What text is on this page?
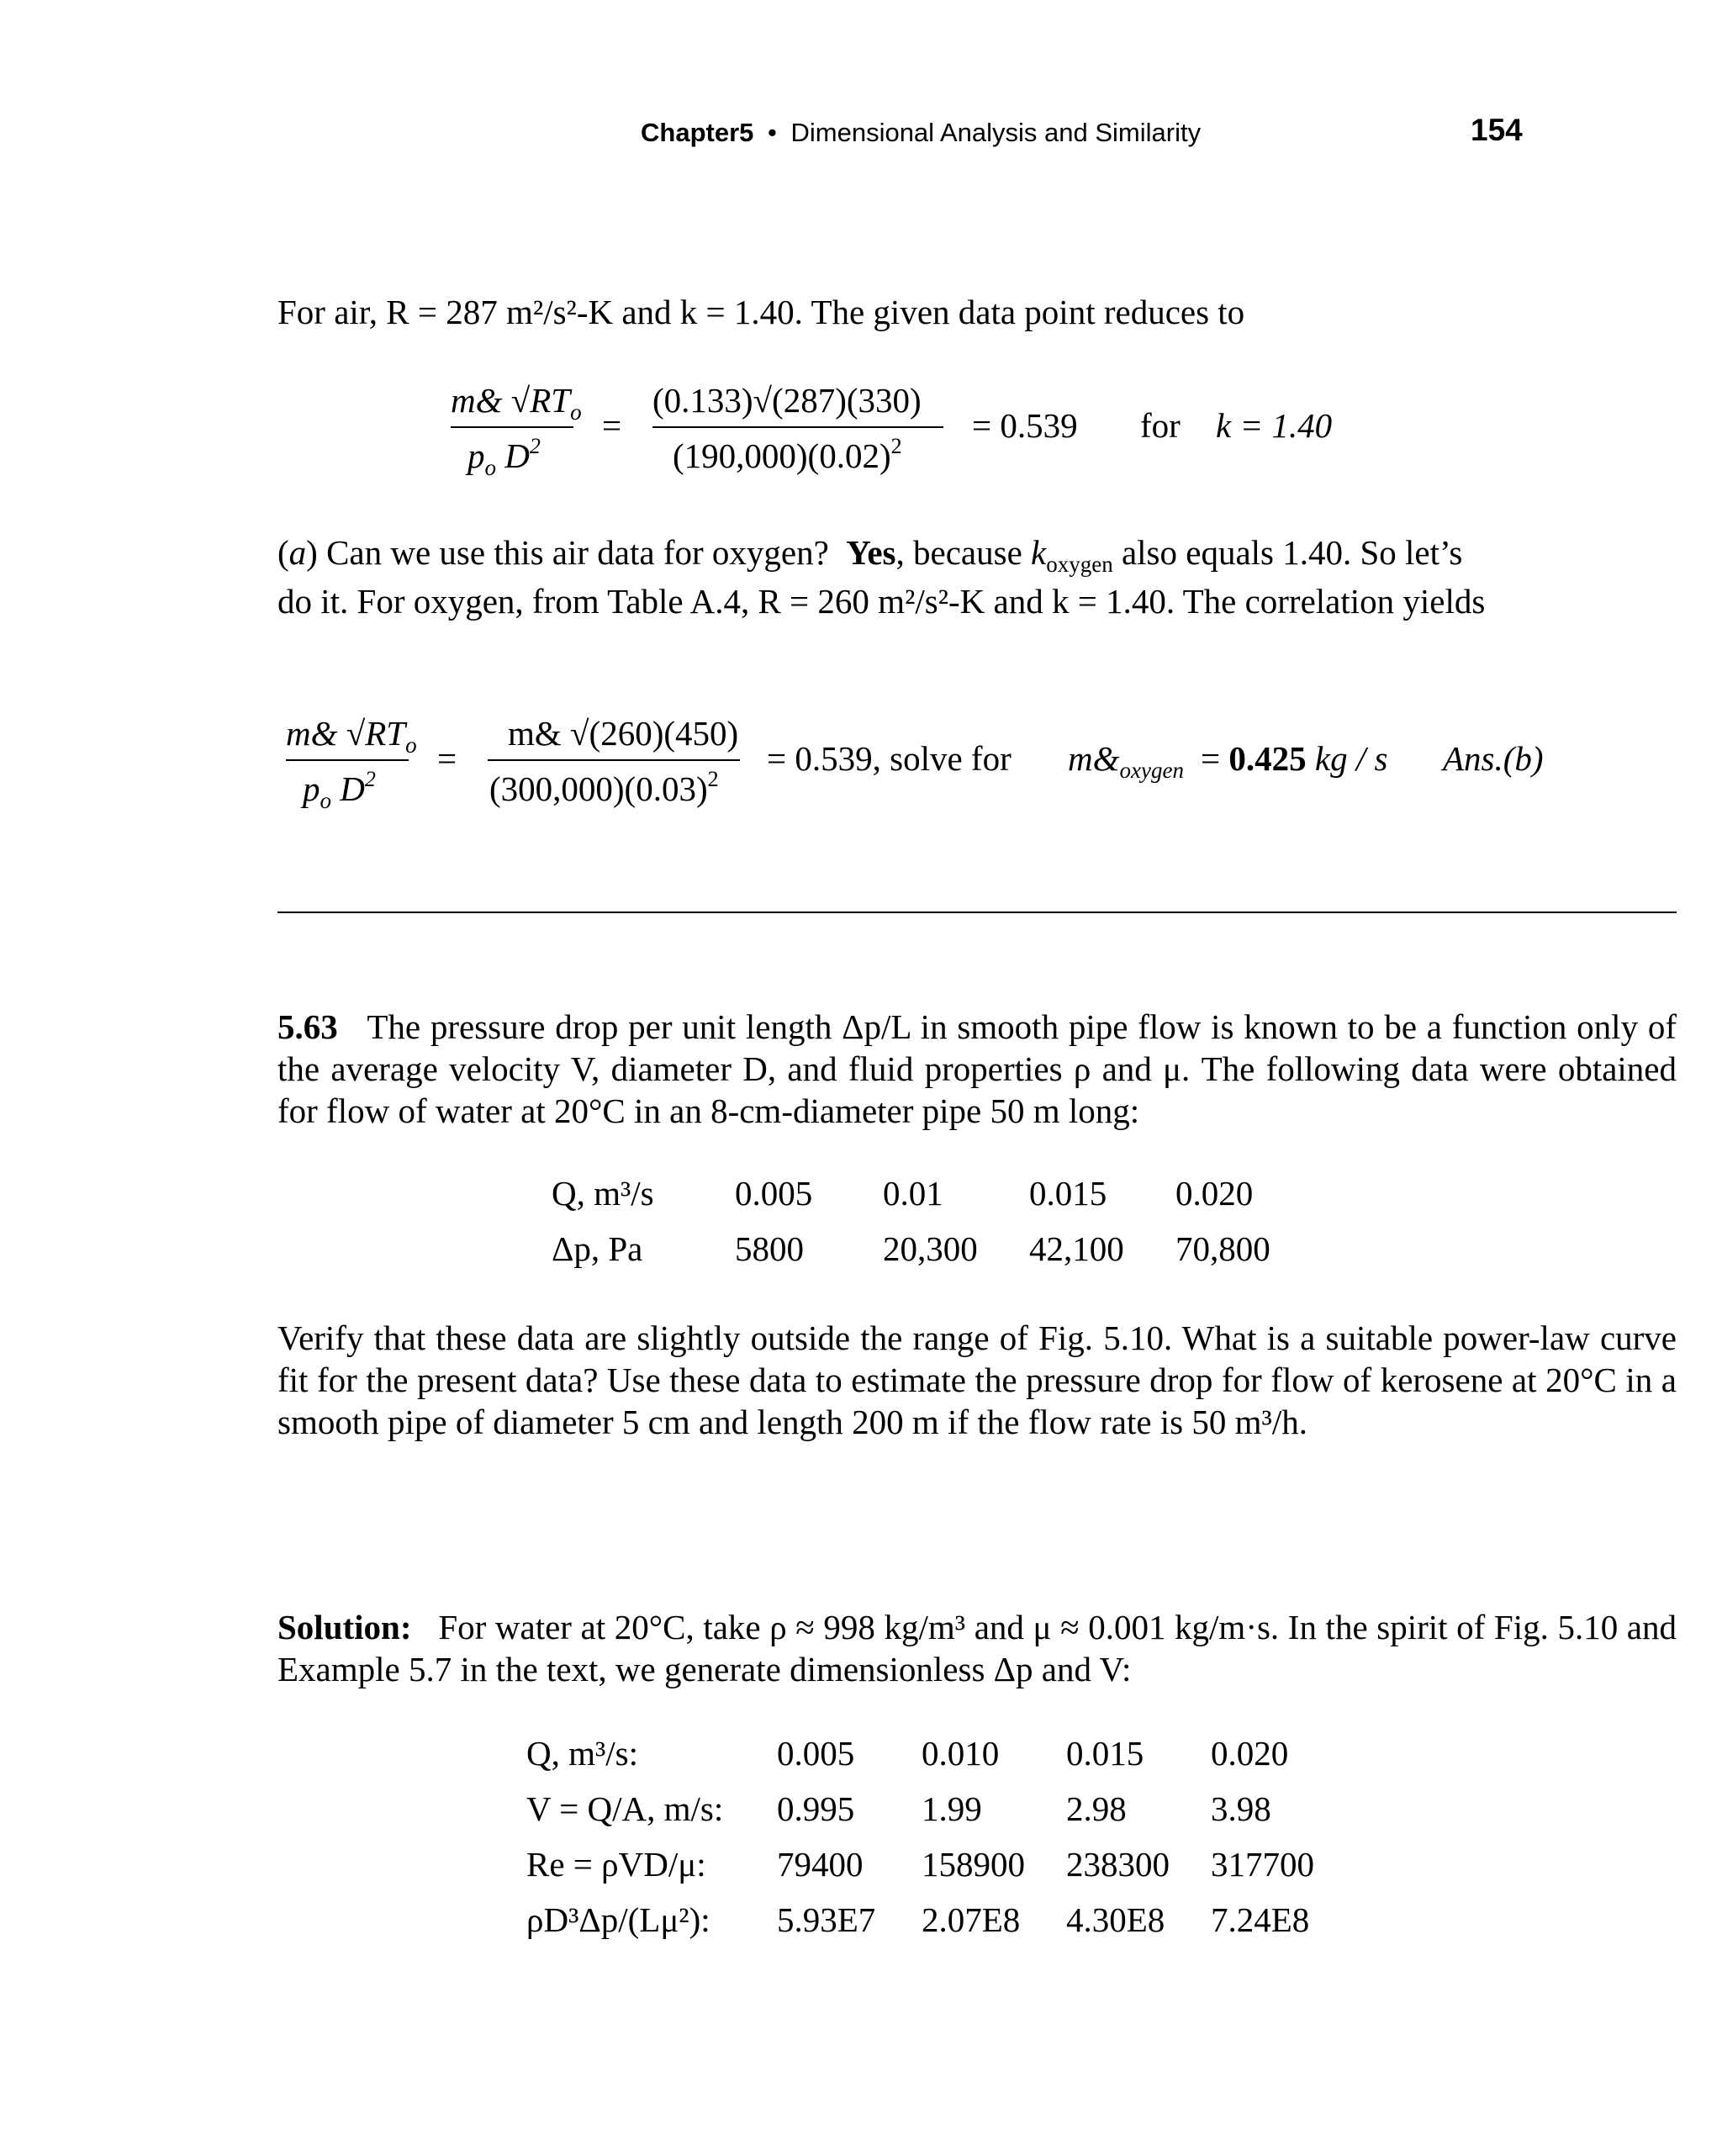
Chapter5 • Dimensional Analysis and Similarity	154
For air, R = 287 m²/s²-K and k = 1.40. The given data point reduces to
m& $√RT_o$
$p_o$ $D^2$
=
(0.133)√(287)(330)
$(190,000)(0.02)^2$
= 0.539 for k = 1.40
(a) Can we use this air data for oxygen? Yes, because $k_{oxygen}$ also equals 1.40. So let’s
do it. For oxygen, from Table A.4, R = 260 m²/s²-K and k = 1.40. The correlation yields
m& $√RT_o$
$p_o$ $D^2$
=
m& √(260)(450)
$(300,000)(0.03)^2$
= 0.539, solve for $m\&_{oxygen} = 0.425$ kg / s Ans.(b)
5.63 The pressure drop per unit length Δp/L in smooth pipe flow is known to be a function only of the average velocity V, diameter D, and fluid properties ρ and μ. The following data were obtained for flow of water at 20°C in an 8-cm-diameter pipe 50 m long:
Q, m³/s	0.005	0.01	0.015	0.020
Δp, Pa	5800	20,300	42,100	70,800
Verify that these data are slightly outside the range of Fig. 5.10. What is a suitable power-law curve fit for the present data? Use these data to estimate the pressure drop for flow of kerosene at 20°C in a smooth pipe of diameter 5 cm and length 200 m if the flow rate is 50 m³/h.
Solution: For water at 20°C, take ρ ≈ 998 kg/m³ and μ ≈ 0.001 kg/m·s. In the spirit of Fig. 5.10 and Example 5.7 in the text, we generate dimensionless Δp and V:
Q, m³/s:	0.005	0.010	0.015	0.020
V = Q/A, m/s:	0.995	1.99	2.98	3.98
Re = ρVD/μ:	79400	158900	238300	317700
ρD³Δp/(Lμ²):	5.93E7	2.07E8	4.30E8	7.24E8
